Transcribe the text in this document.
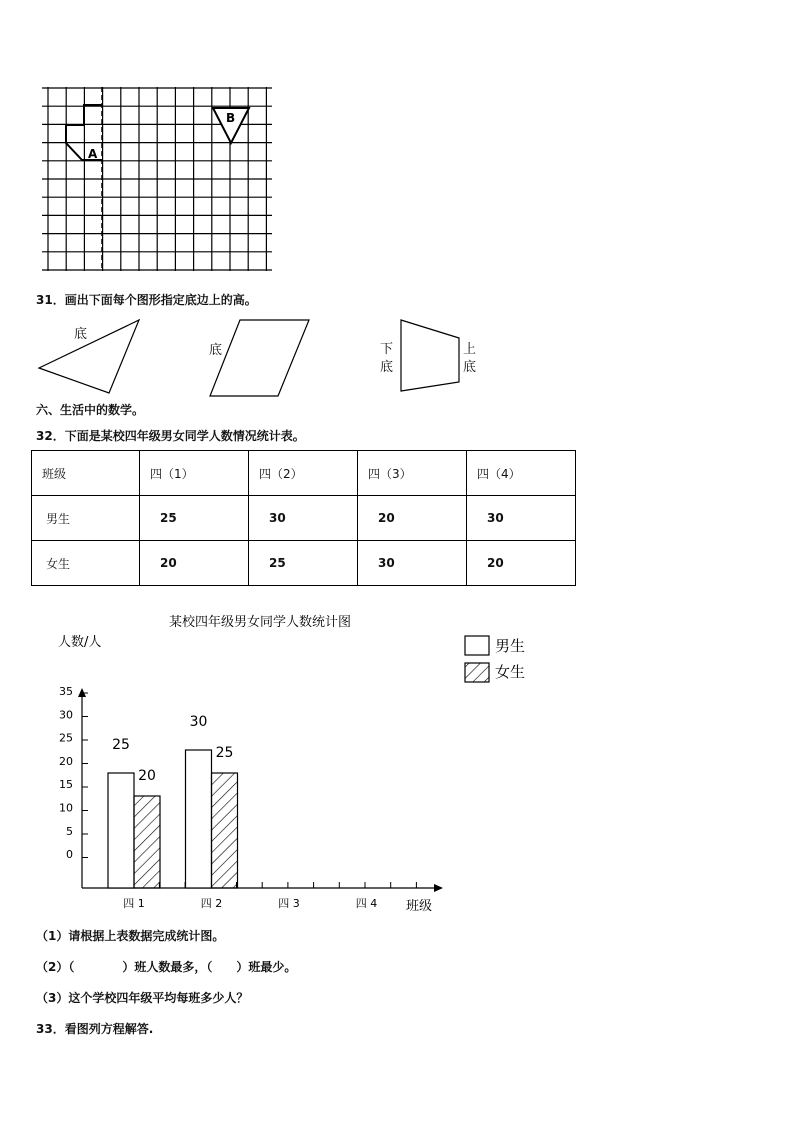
A
B
31．画出下面每个图形指定底边上的高。
底
底	下
底
上
底
六、生活中的数学。
32．下面是某校四年级男女同学人数情况统计表。
班级	四（1）	四（2）	四（3）	四（4）
男生	25	30	20	30
女生	20	25	30	20
某校四年级男女同学人数统计图
人数/人
班级
男生
女生
35
30
25
20
15
10
5
0
四 1
25
20
四 2
30
25
四 3	四 4
（1）请根据上表数据完成统计图。
（2）（　　　　）班人数最多，（　　）班最少。
（3）这个学校四年级平均每班多少人？
33．看图列方程解答.
